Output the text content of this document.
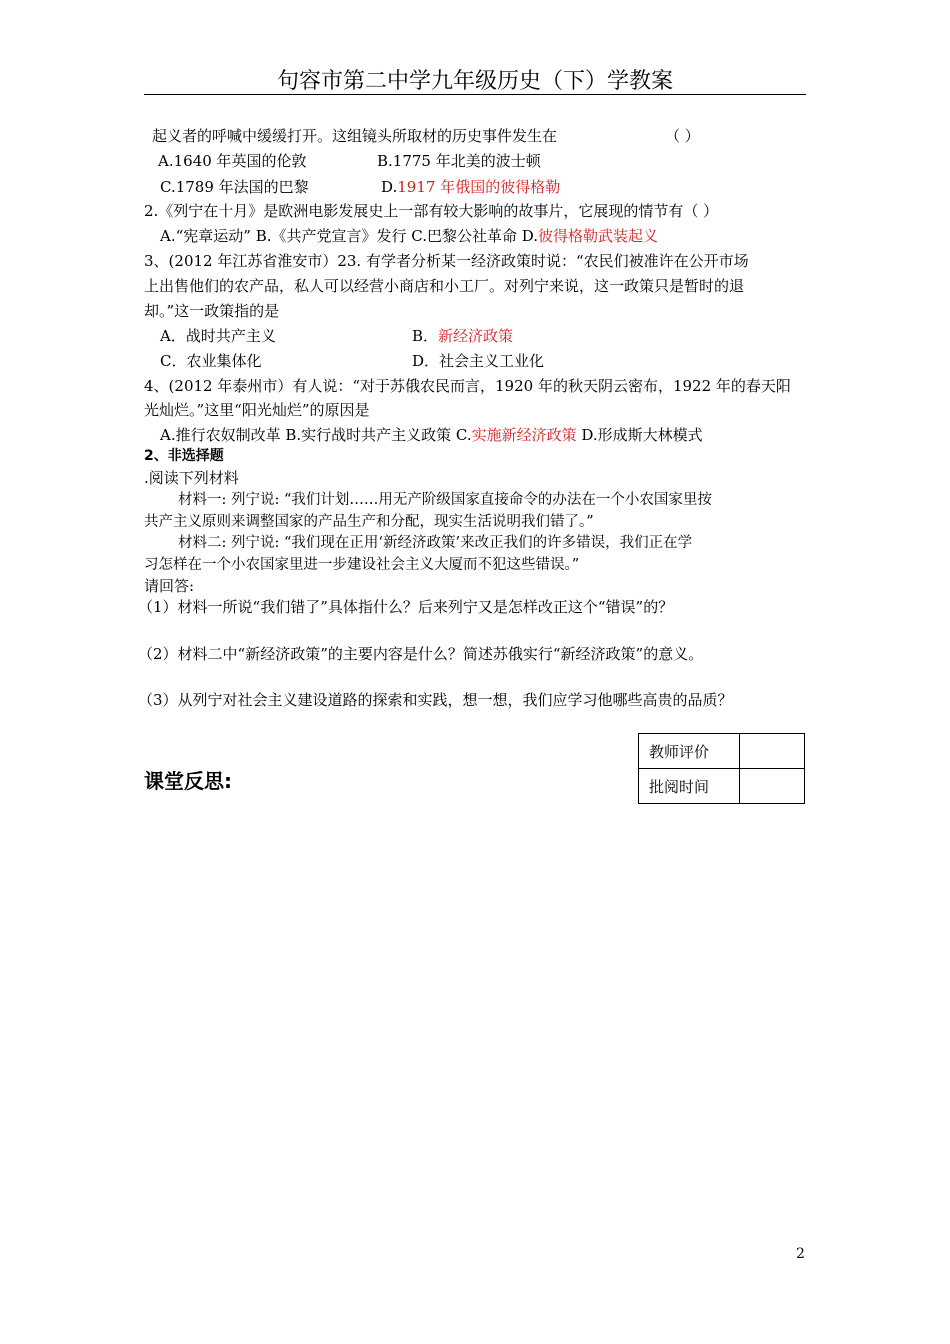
句容市第二中学九年级历史（下）学教案
起义者的呼喊中缓缓打开。这组镜头所取材的历史事件发生在	（ ）
A.1640 年英国的伦敦	B.1775 年北美的波士顿
C.1789 年法国的巴黎	D.1917 年俄国的彼得格勒
2.《列宁在十月》是欧洲电影发展史上一部有较大影响的故事片，它展现的情节有（ ）
A.“宪章运动” B.《共产党宣言》发行 C.巴黎公社革命 D.彼得格勒武装起义
3、(2012 年江苏省淮安市）23. 有学者分析某一经济政策时说：“农民们被准许在公开市场
上出售他们的农产品，私人可以经营小商店和小工厂。对列宁来说，这一政策只是暂时的退
却。”这一政策指的是
A．战时共产主义	B．新经济政策
C．农业集体化	D．社会主义工业化
4、(2012 年泰州市）有人说：“对于苏俄农民而言，1920 年的秋天阴云密布，1922 年的春天阳
光灿烂。”这里“阳光灿烂”的原因是
A.推行农奴制改革 B.实行战时共产主义政策 C.实施新经济政策 D.形成斯大林模式
2、非选择题
.阅读下列材料
材料一: 列宁说: “我们计划……用无产阶级国家直接命令的办法在一个小农国家里按
共产主义原则来调整国家的产品生产和分配，现实生活说明我们错了。”
材料二: 列宁说: “我们现在正用‘新经济政策’来改正我们的许多错误，我们正在学
习怎样在一个小农国家里进一步建设社会主义大厦而不犯这些错误。”
请回答:
（1）材料一所说“我们错了”具体指什么？后来列宁又是怎样改正这个“错误”的？
（2）材料二中“新经济政策”的主要内容是什么？简述苏俄实行“新经济政策”的意义。
（3）从列宁对社会主义建设道路的探索和实践，想一想，我们应学习他哪些高贵的品质？
课堂反思:
教师评价	
批阅时间	
2
